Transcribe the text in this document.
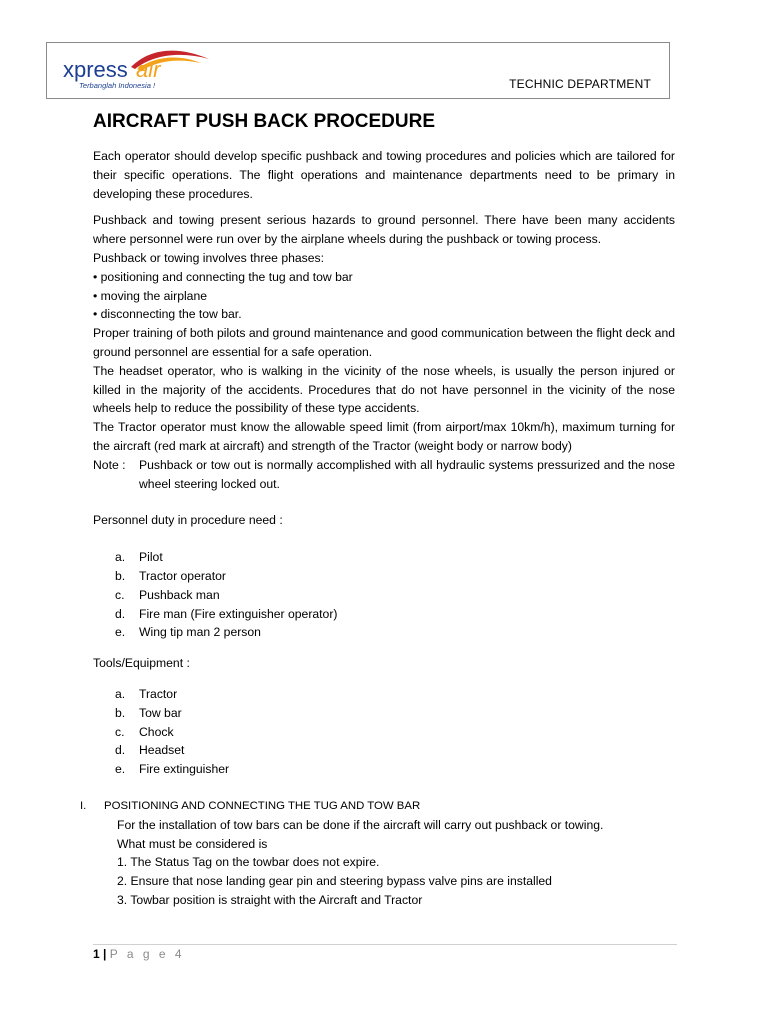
xpress air
Terbanglah Indonesia !	TECHNIC DEPARTMENT
AIRCRAFT PUSH BACK PROCEDURE

Each operator should develop specific pushback and towing procedures and policies which are tailored for their specific operations. The flight operations and maintenance departments need to be primary in developing these procedures.

Pushback and towing present serious hazards to ground personnel. There have been many accidents where personnel were run over by the airplane wheels during the pushback or towing process.

Pushback or towing involves three phases:

• positioning and connecting the tug and tow bar

• moving the airplane

• disconnecting the tow bar.

Proper training of both pilots and ground maintenance and good communication between the flight deck and ground personnel are essential for a safe operation.

The headset operator, who is walking in the vicinity of the nose wheels, is usually the person injured or killed in the majority of the accidents. Procedures that do not have personnel in the vicinity of the nose wheels help to reduce the possibility of these type accidents.

The Tractor operator must know the allowable speed limit (from airport/max 10km/h), maximum turning for the aircraft (red mark at aircraft) and strength of the Tractor (weight body or narrow body)

Note :	Pushback or tow out is normally accomplished with all hydraulic systems pressurized and the nose wheel steering locked out.

Personnel duty in procedure need :

a.	Pilot
b.	Tractor operator
c.	Pushback man
d.	Fire man (Fire extinguisher operator)
e.	Wing tip man 2 person

Tools/Equipment :

a.	Tractor
b.	Tow bar
c.	Chock
d.	Headset
e.	Fire extinguisher
I.	POSITIONING AND CONNECTING THE TUG AND TOW BAR

For the installation of tow bars can be done if the aircraft will carry out pushback or towing.

What must be considered is

1. The Status Tag on the towbar does not expire.

2. Ensure that nose landing gear pin and steering bypass valve pins are installed

3. Towbar position is straight with the Aircraft and Tractor

1 | P a g e 4
